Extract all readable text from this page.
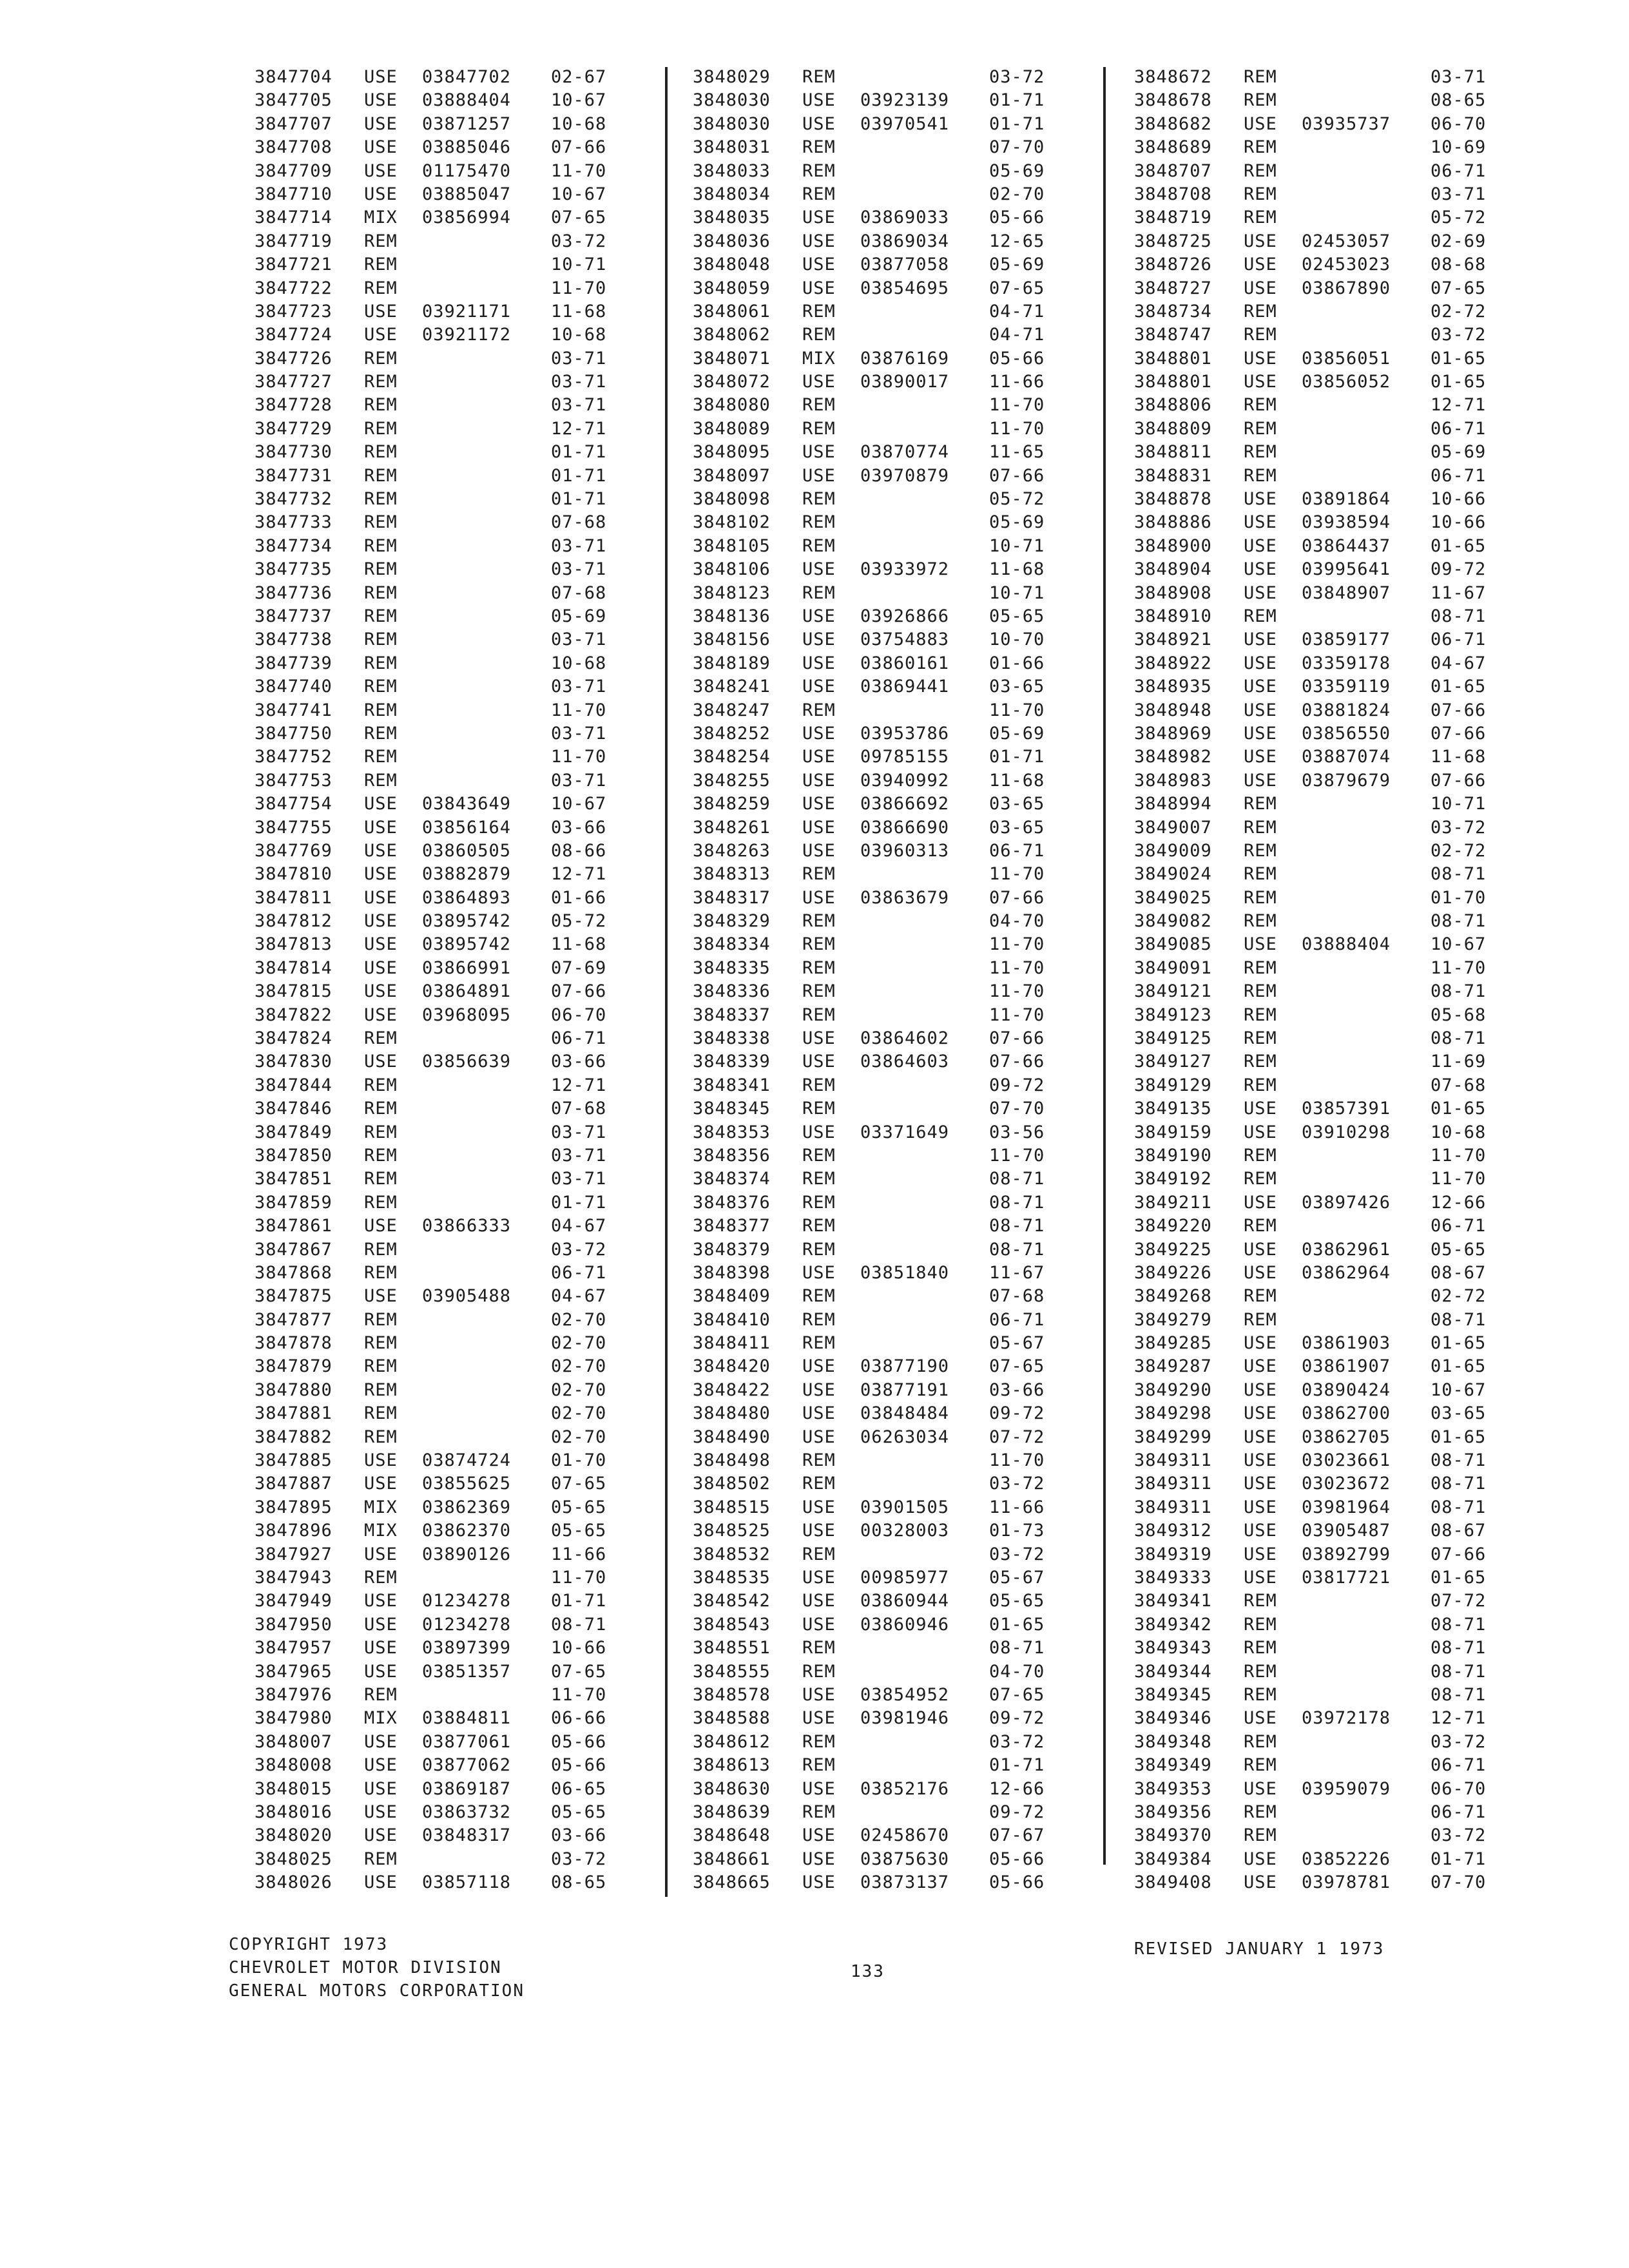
3847704 USE 03847702 02-67
3847705 USE 03888404 10-67
3847707 USE 03871257 10-68
3847708 USE 03885046 07-66
3847709 USE 01175470 11-70
3847710 USE 03885047 10-67
3847714 MIX 03856994 07-65
3847719 REM	03-72
3847721 REM	10-71
3847722 REM	11-70
3847723 USE 03921171 11-68
3847724 USE 03921172 10-68
3847726 REM	03-71
3847727 REM	03-71
3847728 REM	03-71
3847729 REM	12-71
3847730 REM	01-71
3847731 REM	01-71
3847732 REM	01-71
3847733 REM	07-68
3847734 REM	03-71
3847735 REM	03-71
3847736 REM	07-68
3847737 REM	05-69
3847738 REM	03-71
3847739 REM	10-68
3847740 REM	03-71
3847741 REM	11-70
3847750 REM	03-71
3847752 REM	11-70
3847753 REM	03-71
3847754 USE 03843649 10-67
3847755 USE 03856164 03-66
3847769 USE 03860505 08-66
3847810 USE 03882879 12-71
3847811 USE 03864893 01-66
3847812 USE 03895742 05-72
3847813 USE 03895742 11-68
3847814 USE 03866991 07-69
3847815 USE 03864891 07-66
3847822 USE 03968095 06-70
3847824 REM	06-71
3847830 USE 03856639 03-66
3847844 REM	12-71
3847846 REM	07-68
3847849 REM	03-71
3847850 REM	03-71
3847851 REM	03-71
3847859 REM	01-71
3847861 USE 03866333 04-67
3847867 REM	03-72
3847868 REM	06-71
3847875 USE 03905488 04-67
3847877 REM	02-70
3847878 REM	02-70
3847879 REM	02-70
3847880 REM	02-70
3847881 REM	02-70
3847882 REM	02-70
3847885 USE 03874724 01-70
3847887 USE 03855625 07-65
3847895 MIX 03862369 05-65
3847896 MIX 03862370 05-65
3847927 USE 03890126 11-66
3847943 REM	11-70
3847949 USE 01234278 01-71
3847950 USE 01234278 08-71
3847957 USE 03897399 10-66
3847965 USE 03851357 07-65
3847976 REM	11-70
3847980 MIX 03884811 06-66
3848007 USE 03877061 05-66
3848008 USE 03877062 05-66
3848015 USE 03869187 06-65
3848016 USE 03863732 05-65
3848020 USE 03848317 03-66
3848025 REM	03-72
3848026 USE 03857118 08-65
3848029 REM	03-72
3848030 USE 03923139 01-71
3848030 USE 03970541 01-71
3848031 REM	07-70
3848033 REM	05-69
3848034 REM	02-70
3848035 USE 03869033 05-66
3848036 USE 03869034 12-65
3848048 USE 03877058 05-69
3848059 USE 03854695 07-65
3848061 REM	04-71
3848062 REM	04-71
3848071 MIX 03876169 05-66
3848072 USE 03890017 11-66
3848080 REM	11-70
3848089 REM	11-70
3848095 USE 03870774 11-65
3848097 USE 03970879 07-66
3848098 REM	05-72
3848102 REM	05-69
3848105 REM	10-71
3848106 USE 03933972 11-68
3848123 REM	10-71
3848136 USE 03926866 05-65
3848156 USE 03754883 10-70
3848189 USE 03860161 01-66
3848241 USE 03869441 03-65
3848247 REM	11-70
3848252 USE 03953786 05-69
3848254 USE 09785155 01-71
3848255 USE 03940992 11-68
3848259 USE 03866692 03-65
3848261 USE 03866690 03-65
3848263 USE 03960313 06-71
3848313 REM	11-70
3848317 USE 03863679 07-66
3848329 REM	04-70
3848334 REM	11-70
3848335 REM	11-70
3848336 REM	11-70
3848337 REM	11-70
3848338 USE 03864602 07-66
3848339 USE 03864603 07-66
3848341 REM	09-72
3848345 REM	07-70
3848353 USE 03371649 03-56
3848356 REM	11-70
3848374 REM	08-71
3848376 REM	08-71
3848377 REM	08-71
3848379 REM	08-71
3848398 USE 03851840 11-67
3848409 REM	07-68
3848410 REM	06-71
3848411 REM	05-67
3848420 USE 03877190 07-65
3848422 USE 03877191 03-66
3848480 USE 03848484 09-72
3848490 USE 06263034 07-72
3848498 REM	11-70
3848502 REM	03-72
3848515 USE 03901505 11-66
3848525 USE 00328003 01-73
3848532 REM	03-72
3848535 USE 00985977 05-67
3848542 USE 03860944 05-65
3848543 USE 03860946 01-65
3848551 REM	08-71
3848555 REM	04-70
3848578 USE 03854952 07-65
3848588 USE 03981946 09-72
3848612 REM	03-72
3848613 REM	01-71
3848630 USE 03852176 12-66
3848639 REM	09-72
3848648 USE 02458670 07-67
3848661 USE 03875630 05-66
3848665 USE 03873137 05-66
3848672 REM	03-71
3848678 REM	08-65
3848682 USE 03935737 06-70
3848689 REM	10-69
3848707 REM	06-71
3848708 REM	03-71
3848719 REM	05-72
3848725 USE 02453057 02-69
3848726 USE 02453023 08-68
3848727 USE 03867890 07-65
3848734 REM	02-72
3848747 REM	03-72
3848801 USE 03856051 01-65
3848801 USE 03856052 01-65
3848806 REM	12-71
3848809 REM	06-71
3848811 REM	05-69
3848831 REM	06-71
3848878 USE 03891864 10-66
3848886 USE 03938594 10-66
3848900 USE 03864437 01-65
3848904 USE 03995641 09-72
3848908 USE 03848907 11-67
3848910 REM	08-71
3848921 USE 03859177 06-71
3848922 USE 03359178 04-67
3848935 USE 03359119 01-65
3848948 USE 03881824 07-66
3848969 USE 03856550 07-66
3848982 USE 03887074 11-68
3848983 USE 03879679 07-66
3848994 REM	10-71
3849007 REM	03-72
3849009 REM	02-72
3849024 REM	08-71
3849025 REM	01-70
3849082 REM	08-71
3849085 USE 03888404 10-67
3849091 REM	11-70
3849121 REM	08-71
3849123 REM	05-68
3849125 REM	08-71
3849127 REM	11-69
3849129 REM	07-68
3849135 USE 03857391 01-65
3849159 USE 03910298 10-68
3849190 REM	11-70
3849192 REM	11-70
3849211 USE 03897426 12-66
3849220 REM	06-71
3849225 USE 03862961 05-65
3849226 USE 03862964 08-67
3849268 REM	02-72
3849279 REM	08-71
3849285 USE 03861903 01-65
3849287 USE 03861907 01-65
3849290 USE 03890424 10-67
3849298 USE 03862700 03-65
3849299 USE 03862705 01-65
3849311 USE 03023661 08-71
3849311 USE 03023672 08-71
3849311 USE 03981964 08-71
3849312 USE 03905487 08-67
3849319 USE 03892799 07-66
3849333 USE 03817721 01-65
3849341 REM	07-72
3849342 REM	08-71
3849343 REM	08-71
3849344 REM	08-71
3849345 REM	08-71
3849346 USE 03972178 12-71
3849348 REM	03-72
3849349 REM	06-71
3849353 USE 03959079 06-70
3849356 REM	06-71
3849370 REM	03-72
3849384 USE 03852226 01-71
3849408 USE 03978781 07-70
COPYRIGHT 1973
CHEVROLET MOTOR DIVISION
GENERAL MOTORS CORPORATION
133
REVISED JANUARY 1 1973
